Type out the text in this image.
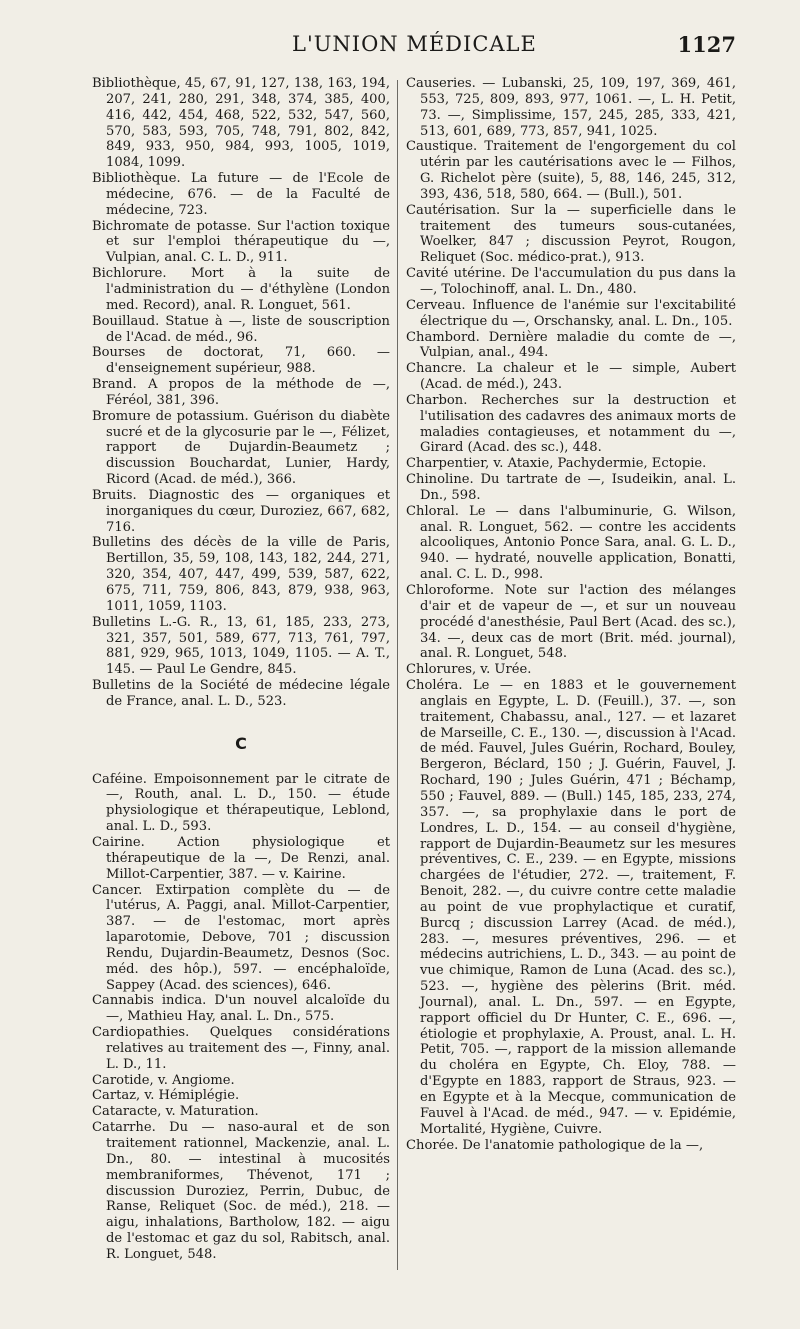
L'UNION MÉDICALE	1127

Bibliothèque, 45, 67, 91, 127, 138, 163, 194, 207, 241, 280, 291, 348, 374, 385, 400, 416, 442, 454, 468, 522, 532, 547, 560, 570, 583, 593, 705, 748, 791, 802, 842, 849, 933, 950, 984, 993, 1005, 1019, 1084, 1099.

Bibliothèque. La future — de l'Ecole de médecine, 676. — de la Faculté de médecine, 723.

Bichromate de potasse. Sur l'action toxique et sur l'emploi thérapeutique du —, Vulpian, anal. C. L. D., 911.

Bichlorure. Mort à la suite de l'administration du — d'éthylène (London med. Record), anal. R. Longuet, 561.

Bouillaud. Statue à —, liste de souscription de l'Acad. de méd., 96.

Bourses de doctorat, 71, 660. — d'enseignement supérieur, 988.

Brand. A propos de la méthode de —, Féréol, 381, 396.

Bromure de potassium. Guérison du diabète sucré et de la glycosurie par le —, Félizet, rapport de Dujardin-Beaumetz ; discussion Bouchardat, Lunier, Hardy, Ricord (Acad. de méd.), 366.

Bruits. Diagnostic des — organiques et inorganiques du cœur, Duroziez, 667, 682, 716.

Bulletins des décès de la ville de Paris, Bertillon, 35, 59, 108, 143, 182, 244, 271, 320, 354, 407, 447, 499, 539, 587, 622, 675, 711, 759, 806, 843, 879, 938, 963, 1011, 1059, 1103.

Bulletins L.-G. R., 13, 61, 185, 233, 273, 321, 357, 501, 589, 677, 713, 761, 797, 881, 929, 965, 1013, 1049, 1105. — A. T., 145. — Paul Le Gendre, 845.

Bulletins de la Société de médecine légale de France, anal. L. D., 523.

C

Caféine. Empoisonnement par le citrate de —, Routh, anal. L. D., 150. — étude physiologique et thérapeutique, Leblond, anal. L. D., 593.

Cairine. Action physiologique et thérapeutique de la —, De Renzi, anal. Millot-Carpentier, 387. — v. Kairine.

Cancer. Extirpation complète du — de l'utérus, A. Paggi, anal. Millot-Carpentier, 387. — de l'estomac, mort après laparotomie, Debove, 701 ; discussion Rendu, Dujardin-Beaumetz, Desnos (Soc. méd. des hôp.), 597. — encéphaloïde, Sappey (Acad. des sciences), 646.

Cannabis indica. D'un nouvel alcaloïde du —, Mathieu Hay, anal. L. Dn., 575.

Cardiopathies. Quelques considérations relatives au traitement des —, Finny, anal. L. D., 11.

Carotide, v. Angiome.

Cartaz, v. Hémiplégie.

Cataracte, v. Maturation.

Catarrhe. Du — naso-aural et de son traitement rationnel, Mackenzie, anal. L. Dn., 80. — intestinal à mucosités membraniformes, Thévenot, 171 ; discussion Duroziez, Perrin, Dubuc, de Ranse, Reliquet (Soc. de méd.), 218. — aigu, inhalations, Bartholow, 182. — aigu de l'estomac et gaz du sol, Rabitsch, anal. R. Longuet, 548.

Causeries. — Lubanski, 25, 109, 197, 369, 461, 553, 725, 809, 893, 977, 1061. —, L. H. Petit, 73. —, Simplissime, 157, 245, 285, 333, 421, 513, 601, 689, 773, 857, 941, 1025.

Caustique. Traitement de l'engorgement du col utérin par les cautérisations avec le — Filhos, G. Richelot père (suite), 5, 88, 146, 245, 312, 393, 436, 518, 580, 664. — (Bull.), 501.

Cautérisation. Sur la — superficielle dans le traitement des tumeurs sous-cutanées, Woelker, 847 ; discussion Peyrot, Rougon, Reliquet (Soc. médico-prat.), 913.

Cavité utérine. De l'accumulation du pus dans la —, Tolochinoff, anal. L. Dn., 480.

Cerveau. Influence de l'anémie sur l'excitabilité électrique du —, Orschansky, anal. L. Dn., 105.

Chambord. Dernière maladie du comte de —, Vulpian, anal., 494.

Chancre. La chaleur et le — simple, Aubert (Acad. de méd.), 243.

Charbon. Recherches sur la destruction et l'utilisation des cadavres des animaux morts de maladies contagieuses, et notamment du —, Girard (Acad. des sc.), 448.

Charpentier, v. Ataxie, Pachydermie, Ectopie.

Chinoline. Du tartrate de —, Isudeikin, anal. L. Dn., 598.

Chloral. Le — dans l'albuminurie, G. Wilson, anal. R. Longuet, 562. — contre les accidents alcooliques, Antonio Ponce Sara, anal. G. L. D., 940. — hydraté, nouvelle application, Bonatti, anal. C. L. D., 998.

Chloroforme. Note sur l'action des mélanges d'air et de vapeur de —, et sur un nouveau procédé d'anesthésie, Paul Bert (Acad. des sc.), 34. —, deux cas de mort (Brit. méd. journal), anal. R. Longuet, 548.

Chlorures, v. Urée.

Choléra. Le — en 1883 et le gouvernement anglais en Egypte, L. D. (Feuill.), 37. —, son traitement, Chabassu, anal., 127. — et lazaret de Marseille, C. E., 130. —, discussion à l'Acad. de méd. Fauvel, Jules Guérin, Rochard, Bouley, Bergeron, Béclard, 150 ; J. Guérin, Fauvel, J. Rochard, 190 ; Jules Guérin, 471 ; Béchamp, 550 ; Fauvel, 889. — (Bull.) 145, 185, 233, 274, 357. —, sa prophylaxie dans le port de Londres, L. D., 154. — au conseil d'hygiène, rapport de Dujardin-Beaumetz sur les mesures préventives, C. E., 239. — en Egypte, missions chargées de l'étudier, 272. —, traitement, F. Benoit, 282. —, du cuivre contre cette maladie au point de vue prophylactique et curatif, Burcq ; discussion Larrey (Acad. de méd.), 283. —, mesures préventives, 296. — et médecins autrichiens, L. D., 343. — au point de vue chimique, Ramon de Luna (Acad. des sc.), 523. —, hygiène des pèlerins (Brit. méd. Journal), anal. L. Dn., 597. — en Egypte, rapport officiel du Dr Hunter, C. E., 696. —, étiologie et prophylaxie, A. Proust, anal. L. H. Petit, 705. —, rapport de la mission allemande du choléra en Egypte, Ch. Eloy, 788. — d'Egypte en 1883, rapport de Straus, 923. — en Egypte et à la Mecque, communication de Fauvel à l'Acad. de méd., 947. — v. Epidémie, Mortalité, Hygiène, Cuivre.

Chorée. De l'anatomie pathologique de la —,
